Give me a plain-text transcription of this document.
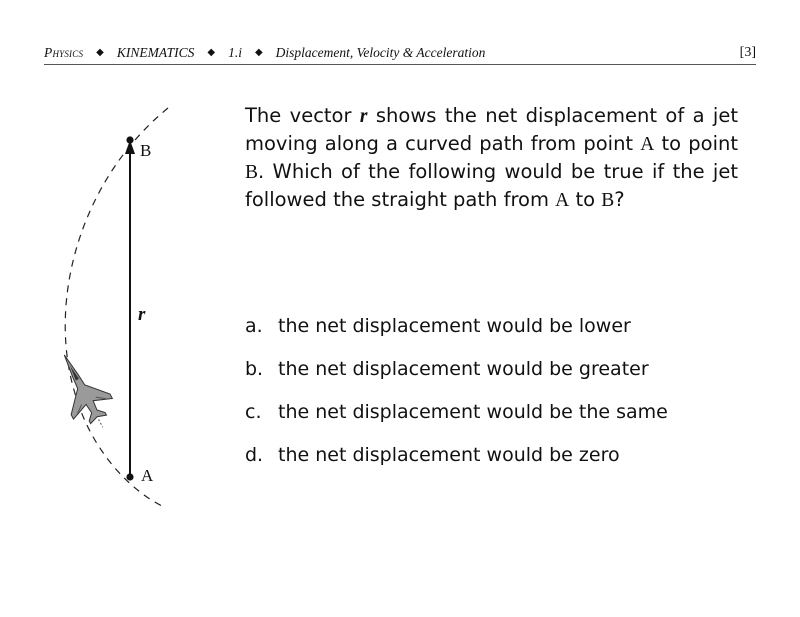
Physics ◆ KINEMATICS ◆ 1.i ◆ Displacement, Velocity & Acceleration	[3]
B
A
r
The vector r shows the net displacement of a jet moving along a curved path from point A to point B. Which of the following would be true if the jet followed the straight path from A to B?
a. the net displacement would be lower
b. the net displacement would be greater
c. the net displacement would be the same
d. the net displacement would be zero
